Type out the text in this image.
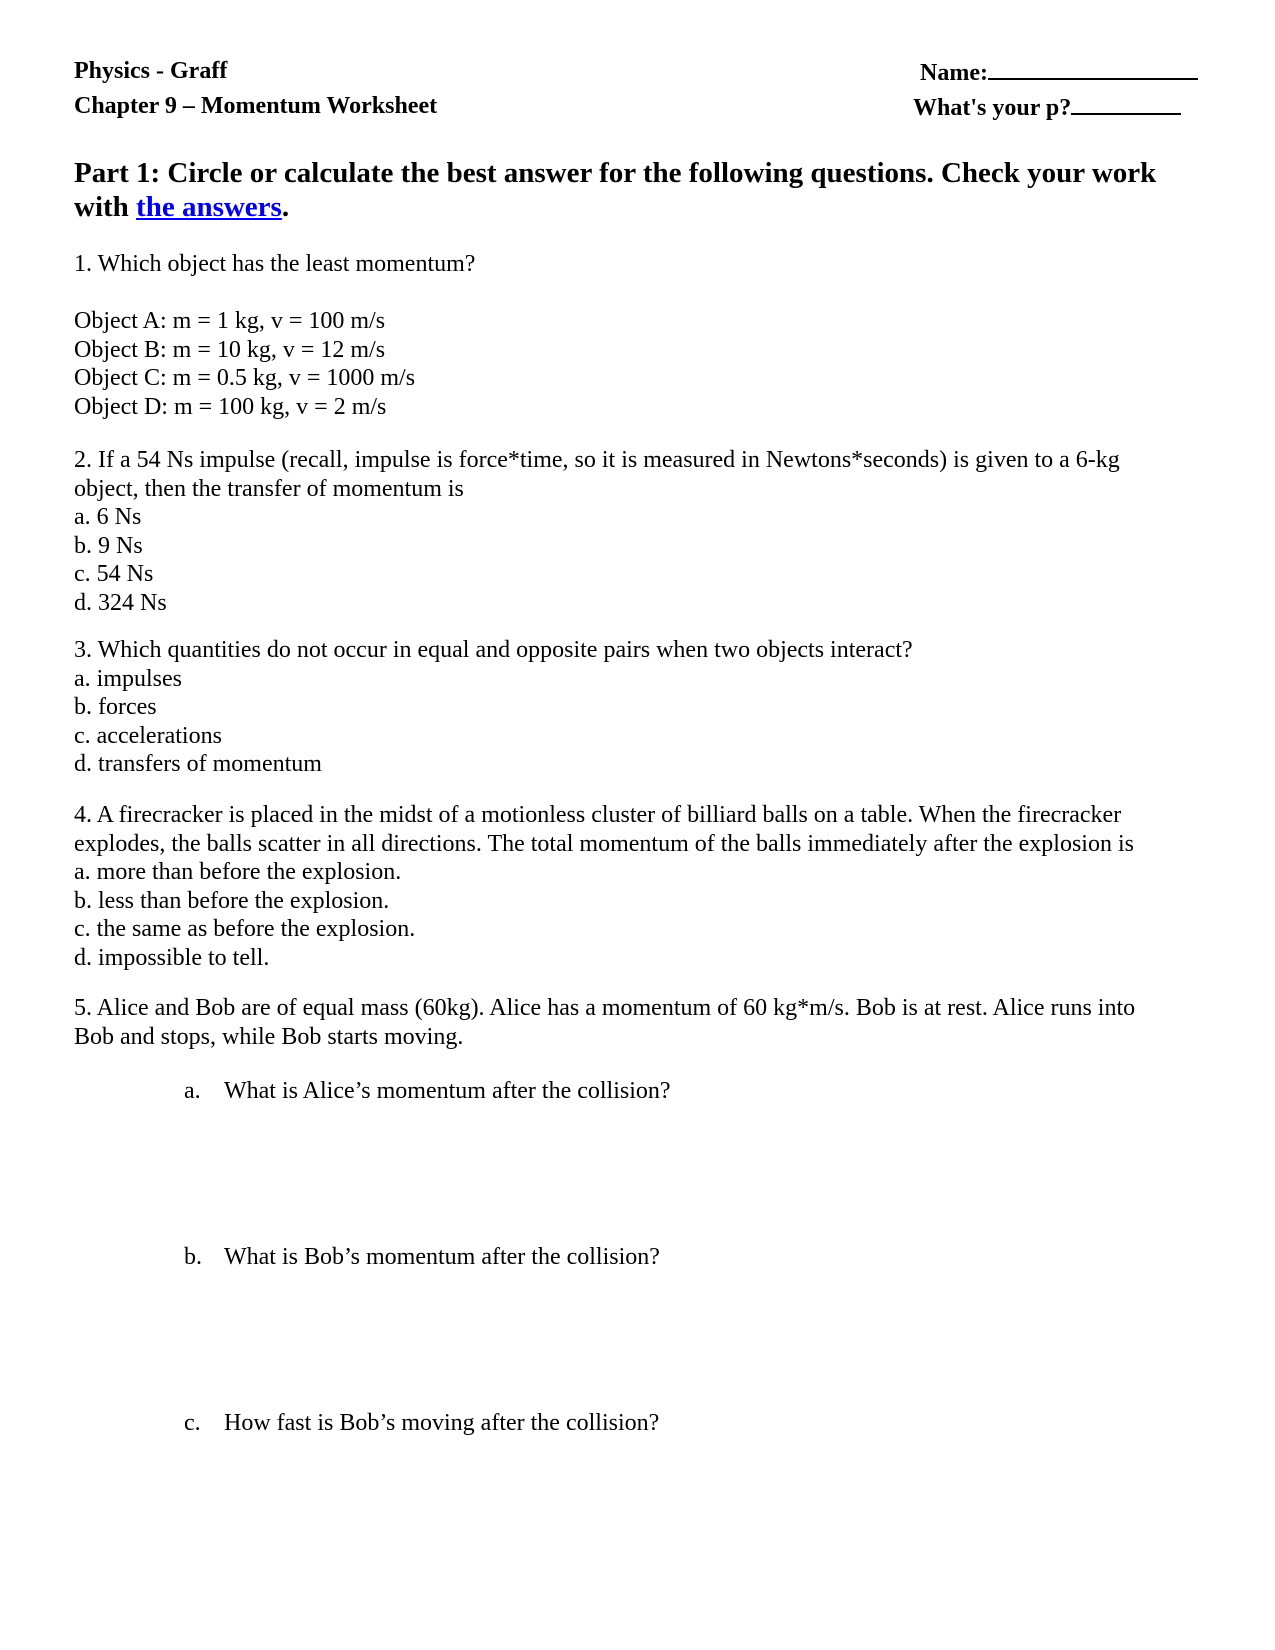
Physics - Graff
Chapter 9 – Momentum Worksheet
Name:
What's your p?
Part 1: Circle or calculate the best answer for the following questions. Check your work with the answers.
1. Which object has the least momentum?
Object A: m = 1 kg, v = 100 m/s
Object B: m = 10 kg, v = 12 m/s
Object C: m = 0.5 kg, v = 1000 m/s
Object D: m = 100 kg, v = 2 m/s
2. If a 54 Ns impulse (recall, impulse is force*time, so it is measured in Newtons*seconds) is given to a 6-kg
object, then the transfer of momentum is
a. 6 Ns
b. 9 Ns
c. 54 Ns
d. 324 Ns
3. Which quantities do not occur in equal and opposite pairs when two objects interact?
a. impulses
b. forces
c. accelerations
d. transfers of momentum
4. A firecracker is placed in the midst of a motionless cluster of billiard balls on a table. When the firecracker
explodes, the balls scatter in all directions. The total momentum of the balls immediately after the explosion is
a. more than before the explosion.
b. less than before the explosion.
c. the same as before the explosion.
d. impossible to tell.
5. Alice and Bob are of equal mass (60kg). Alice has a momentum of 60 kg*m/s. Bob is at rest. Alice runs into
Bob and stops, while Bob starts moving.
a. What is Alice’s momentum after the collision?
b. What is Bob’s momentum after the collision?
c. How fast is Bob’s moving after the collision?
